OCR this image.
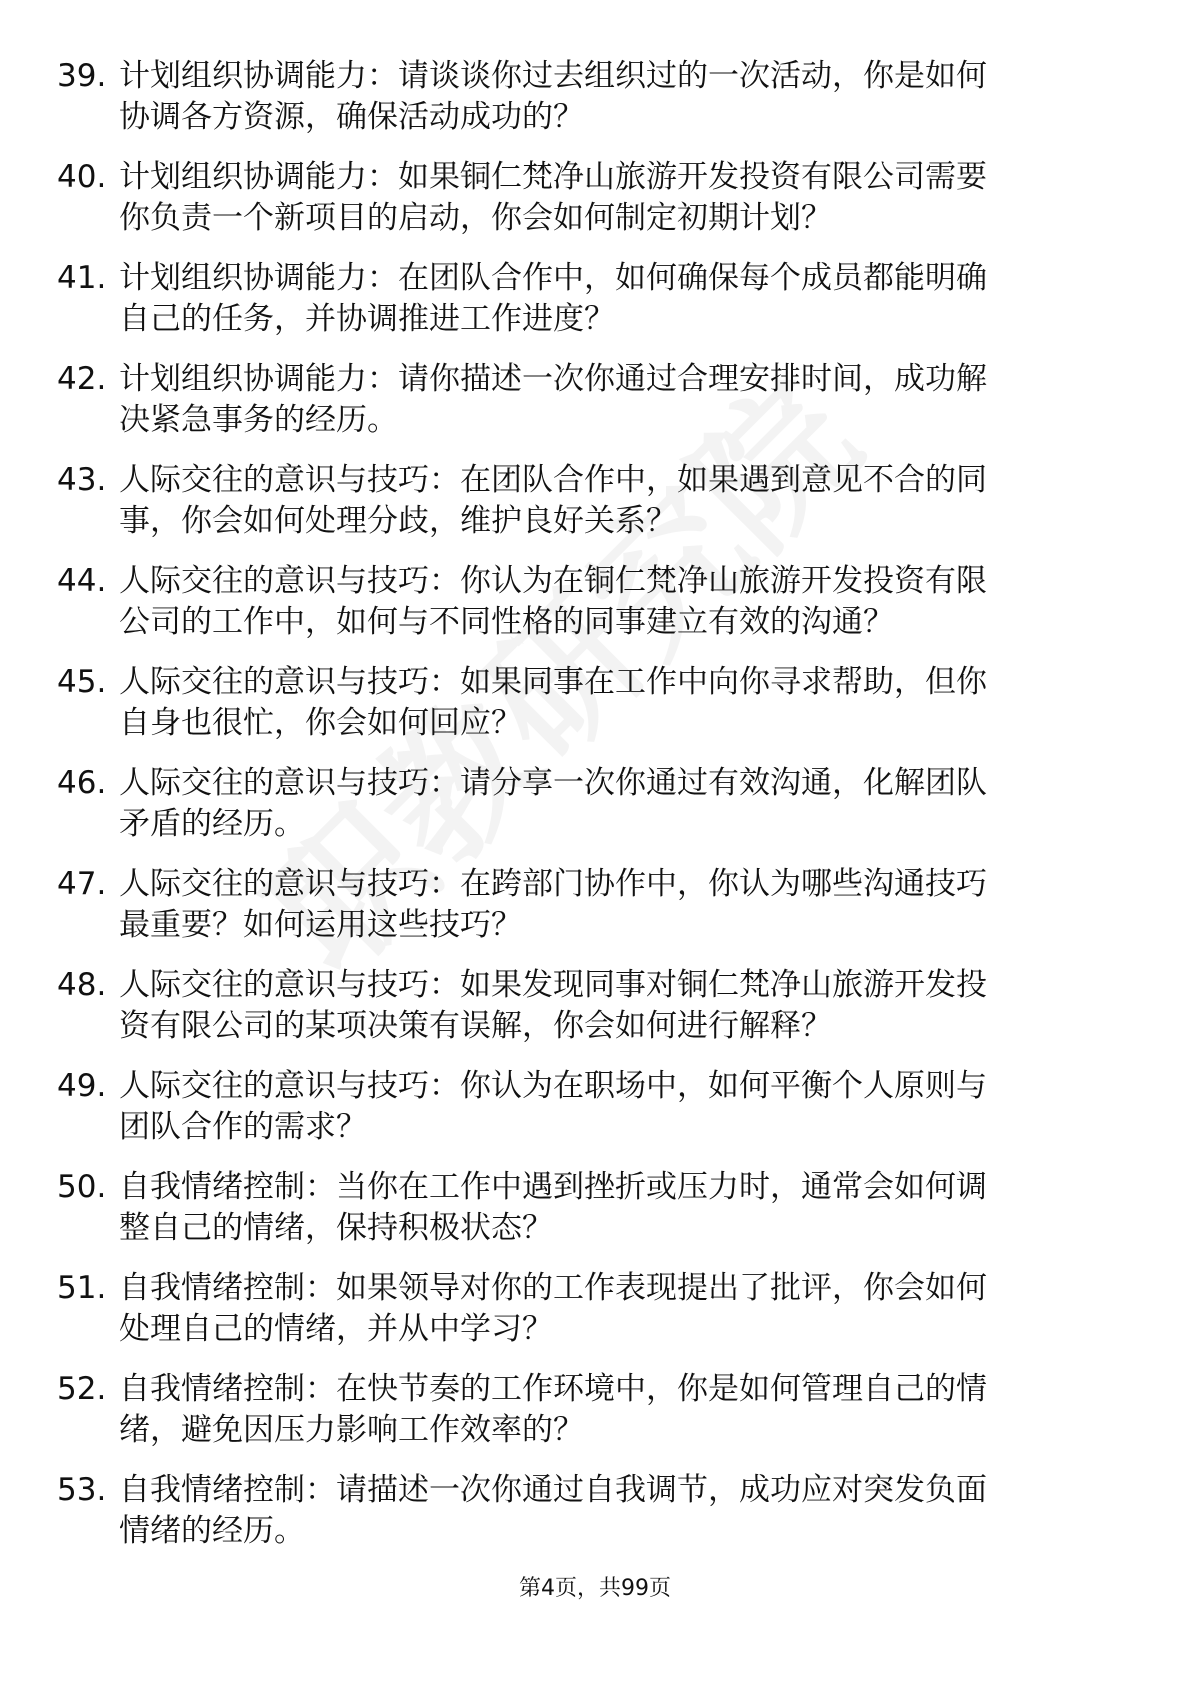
39. 计划组织协调能力：请谈谈你过去组织过的一次活动，你是如何
协调各方资源，确保活动成功的？
40. 计划组织协调能力：如果铜仁梵净山旅游开发投资有限公司需要
你负责一个新项目的启动，你会如何制定初期计划？
41. 计划组织协调能力：在团队合作中，如何确保每个成员都能明确
自己的任务，并协调推进工作进度？
42. 计划组织协调能力：请你描述一次你通过合理安排时间，成功解
决紧急事务的经历。
43. 人际交往的意识与技巧：在团队合作中，如果遇到意见不合的同
事，你会如何处理分歧，维护良好关系？
44. 人际交往的意识与技巧：你认为在铜仁梵净山旅游开发投资有限
公司的工作中，如何与不同性格的同事建立有效的沟通？
45. 人际交往的意识与技巧：如果同事在工作中向你寻求帮助，但你
自身也很忙，你会如何回应？
46. 人际交往的意识与技巧：请分享一次你通过有效沟通，化解团队
矛盾的经历。
47. 人际交往的意识与技巧：在跨部门协作中，你认为哪些沟通技巧
最重要？如何运用这些技巧？
48. 人际交往的意识与技巧：如果发现同事对铜仁梵净山旅游开发投
资有限公司的某项决策有误解，你会如何进行解释？
49. 人际交往的意识与技巧：你认为在职场中，如何平衡个人原则与
团队合作的需求？
50. 自我情绪控制：当你在工作中遇到挫折或压力时，通常会如何调
整自己的情绪，保持积极状态？
51. 自我情绪控制：如果领导对你的工作表现提出了批评，你会如何
处理自己的情绪，并从中学习？
52. 自我情绪控制：在快节奏的工作环境中，你是如何管理自己的情
绪，避免因压力影响工作效率的？
53. 自我情绪控制：请描述一次你通过自我调节，成功应对突发负面
情绪的经历。
第4页，共99页
